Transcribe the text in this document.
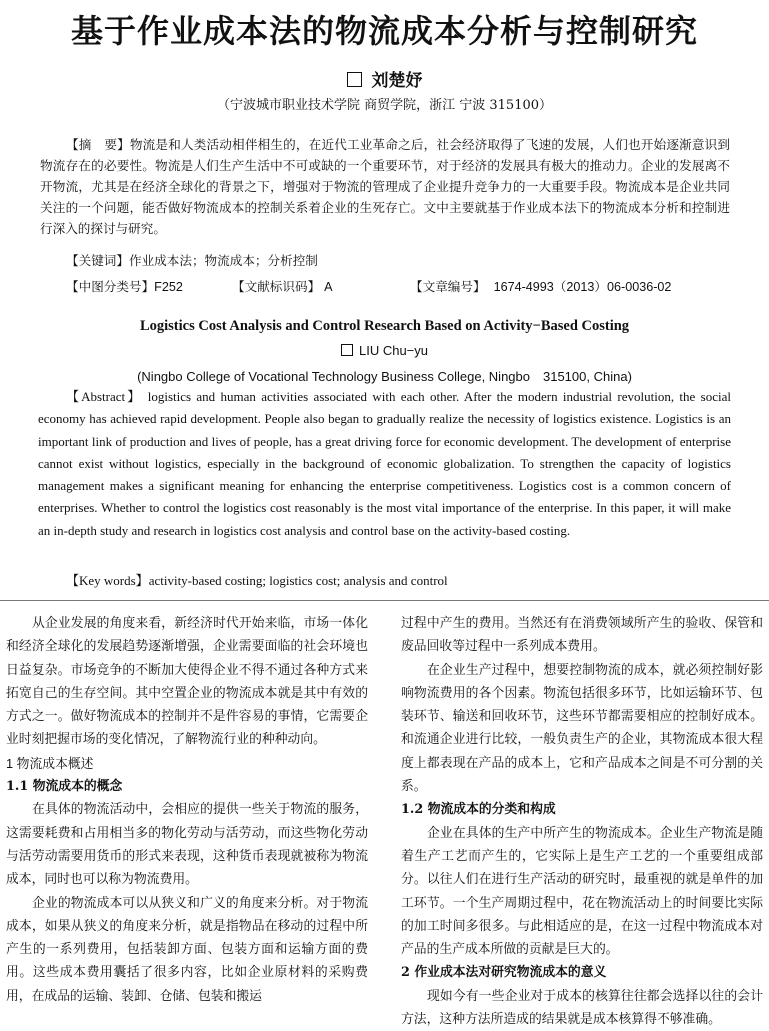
基于作业成本法的物流成本分析与控制研究
刘楚妤
（宁波城市职业技术学院 商贸学院，浙江 宁波 315100）

【摘　要】物流是和人类活动相伴相生的，在近代工业革命之后，社会经济取得了飞速的发展，人们也开始逐渐意识到物流存在的必要性。物流是人们生产生活中不可或缺的一个重要环节，对于经济的发展具有极大的推动力。企业的发展离不开物流，尤其是在经济全球化的背景之下，增强对于物流的管理成了企业提升竞争力的一大重要手段。物流成本是企业共同关注的一个问题，能否做好物流成本的控制关系着企业的生死存亡。文中主要就基于作业成本法下的物流成本分析和控制进行深入的探讨与研究。

【关键词】作业成本法；物流成本；分析控制
【中图分类号】F252	【文献标识码】 A	【文章编号】 1674-4993（2013）06-0036-02
Logistics Cost Analysis and Control Research Based on Activity−Based Costing
LIU Chu−yu
(Ningbo College of Vocational Technology Business College, Ningbo　315100, China)

【Abstract】 logistics and human activities associated with each other. After the modern industrial revolution, the social economy has achieved rapid development. People also began to gradually realize the necessity of logistics existence. Logistics is an important link of production and lives of people, has a great driving force for economic development. The development of enterprise cannot exist without logistics, especially in the background of economic globalization. To strengthen the capacity of logistics management makes a significant meaning for enhancing the enterprise competitiveness. Logistics cost is a common concern of enterprises. Whether to control the logistics cost reasonably is the most vital importance of the enterprise. In this paper, it will make an in-depth study and research in logistics cost analysis and control base on the activity-based costing.

【Key words】activity-based costing; logistics cost; analysis and control

从企业发展的角度来看，新经济时代开始来临，市场一体化和经济全球化的发展趋势逐渐增强，企业需要面临的社会环境也日益复杂。市场竞争的不断加大使得企业不得不通过各种方式来拓宽自己的生存空间。其中空置企业的物流成本就是其中有效的方式之一。做好物流成本的控制并不是件容易的事情，它需要企业时刻把握市场的变化情况，了解物流行业的种种动向。

1 物流成本概述
1.1 物流成本的概念

在具体的物流活动中，会相应的提供一些关于物流的服务，这需要耗费和占用相当多的物化劳动与活劳动，而这些物化劳动与活劳动需要用货币的形式来表现，这种货币表现就被称为物流成本，同时也可以称为物流费用。

企业的物流成本可以从狭义和广义的角度来分析。对于物流成本，如果从狭义的角度来分析，就是指物品在移动的过程中所产生的一系列费用，包括装卸方面、包装方面和运输方面的费用。这些成本费用囊括了很多内容，比如企业原材料的采购费用，在成品的运输、装卸、仓储、包装和搬运

过程中产生的费用。当然还有在消费领域所产生的验收、保管和废品回收等过程中一系列成本费用。

在企业生产过程中，想要控制物流的成本，就必须控制好影响物流费用的各个因素。物流包括很多环节，比如运输环节、包装环节、输送和回收环节，这些环节都需要相应的控制好成本。和流通企业进行比较，一般负责生产的企业，其物流成本很大程度上都表现在产品的成本上，它和产品成本之间是不可分割的关系。

1.2 物流成本的分类和构成

企业在具体的生产中所产生的物流成本。企业生产物流是随着生产工艺而产生的，它实际上是生产工艺的一个重要组成部分。以往人们在进行生产活动的研究时，最重视的就是单件的加工环节。一个生产周期过程中，花在物流活动上的时间要比实际的加工时间多很多。与此相适应的是，在这一过程中物流成本对产品的生产成本所做的贡献是巨大的。

2 作业成本法对研究物流成本的意义

现如今有一些企业对于成本的核算往往都会选择以往的会计方法，这种方法所造成的结果就是成本核算得不够准确。
